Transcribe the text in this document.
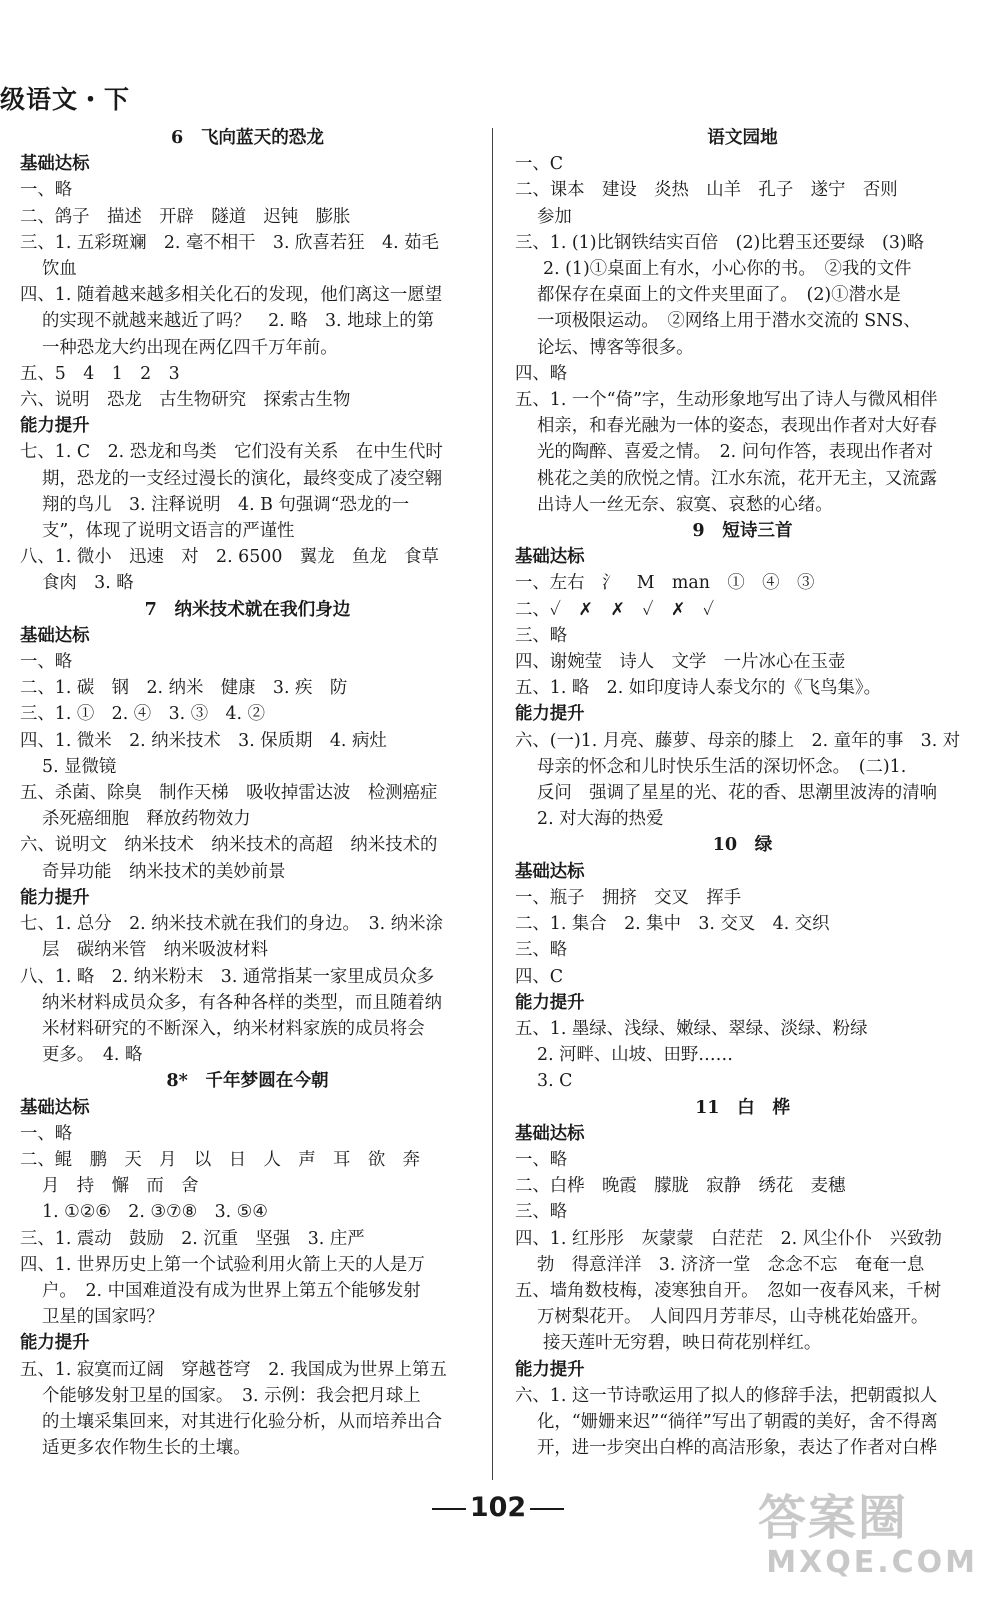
级语文・下
6　飞向蓝天的恐龙
基础达标
一、略
二、鸽子　描述　开辟　隧道　迟钝　膨胀
三、1. 五彩斑斓　2. 毫不相干　3. 欣喜若狂　4. 茹毛
饮血
四、1. 随着越来越多相关化石的发现，他们离这一愿望
的实现不就越来越近了吗？　2. 略　3. 地球上的第
一种恐龙大约出现在两亿四千万年前。
五、5　4　1　2　3
六、说明　恐龙　古生物研究　探索古生物
能力提升
七、1. C　2. 恐龙和鸟类　它们没有关系　在中生代时
期，恐龙的一支经过漫长的演化，最终变成了凌空翱
翔的鸟儿　3. 注释说明　4. B 句强调“恐龙的一
支”，体现了说明文语言的严谨性
八、1. 微小　迅速　对　2. 6500　翼龙　鱼龙　食草
食肉　3. 略
7　纳米技术就在我们身边
基础达标
一、略
二、1. 碳　钢　2. 纳米　健康　3. 疾　防
三、1. ①　2. ④　3. ③　4. ②
四、1. 微米　2. 纳米技术　3. 保质期　4. 病灶
5. 显微镜
五、杀菌、除臭　制作天梯　吸收掉雷达波　检测癌症
杀死癌细胞　释放药物效力
六、说明文　纳米技术　纳米技术的高超　纳米技术的
奇异功能　纳米技术的美妙前景
能力提升
七、1. 总分　2. 纳米技术就在我们的身边。　3. 纳米涂
层　碳纳米管　纳米吸波材料
八、1. 略　2. 纳米粉末　3. 通常指某一家里成员众多
纳米材料成员众多，有各种各样的类型，而且随着纳
米材料研究的不断深入，纳米材料家族的成员将会
更多。　4. 略
8*　千年梦圆在今朝
基础达标
一、略
二、鲲　鹏　天　月　以　日　人　声　耳　欲　奔
月　持　懈　而　舍
1. ①②⑥　2. ③⑦⑧　3. ⑤④
三、1. 震动　鼓励　2. 沉重　坚强　3. 庄严
四、1. 世界历史上第一个试验利用火箭上天的人是万
户。　2. 中国难道没有成为世界上第五个能够发射
卫星的国家吗？
能力提升
五、1. 寂寞而辽阔　穿越苍穹　2. 我国成为世界上第五
个能够发射卫星的国家。　3. 示例：我会把月球上
的土壤采集回来，对其进行化验分析，从而培养出合
适更多农作物生长的土壤。
语文园地
一、C
二、课本　建设　炎热　山羊　孔子　遂宁　否则
参加
三、1. (1)比钢铁结实百倍　(2)比碧玉还要绿　(3)略
2. (1)①桌面上有水，小心你的书。　②我的文件
都保存在桌面上的文件夹里面了。　(2)①潜水是
一项极限运动。　②网络上用于潜水交流的 SNS、
论坛、博客等很多。
四、略
五、1. 一个“倚”字，生动形象地写出了诗人与微风相伴
相亲，和春光融为一体的姿态，表现出作者对大好春
光的陶醉、喜爱之情。　2. 问句作答，表现出作者对
桃花之美的欣悦之情。江水东流，花开无主，又流露
出诗人一丝无奈、寂寞、哀愁的心绪。
9　短诗三首
基础达标
一、左右　氵　M　man　①　④　③
二、✓　✗　✗　✓　✗　✓
三、略
四、谢婉莹　诗人　文学　一片冰心在玉壶
五、1. 略　2. 如印度诗人泰戈尔的《飞鸟集》。
能力提升
六、(一)1. 月亮、藤萝、母亲的膝上　2. 童年的事　3. 对
母亲的怀念和儿时快乐生活的深切怀念。　(二)1.
反问　强调了星星的光、花的香、思潮里波涛的清响
2. 对大海的热爱
10　绿
基础达标
一、瓶子　拥挤　交叉　挥手
二、1. 集合　2. 集中　3. 交叉　4. 交织
三、略
四、C
能力提升
五、1. 墨绿、浅绿、嫩绿、翠绿、淡绿、粉绿
2. 河畔、山坡、田野……
3. C
11　白　桦
基础达标
一、略
二、白桦　晚霞　朦胧　寂静　绣花　麦穗
三、略
四、1. 红彤彤　灰蒙蒙　白茫茫　2. 风尘仆仆　兴致勃
勃　得意洋洋　3. 济济一堂　念念不忘　奄奄一息
五、墙角数枝梅，凌寒独自开。　忽如一夜春风来，千树
万树梨花开。　人间四月芳菲尽，山寺桃花始盛开。
接天莲叶无穷碧，映日荷花别样红。
能力提升
六、1. 这一节诗歌运用了拟人的修辞手法，把朝霞拟人
化，“姗姗来迟”“徜徉”写出了朝霞的美好，舍不得离
开，进一步突出白桦的高洁形象，表达了作者对白桦
102	答案圈
MXQE.COM
